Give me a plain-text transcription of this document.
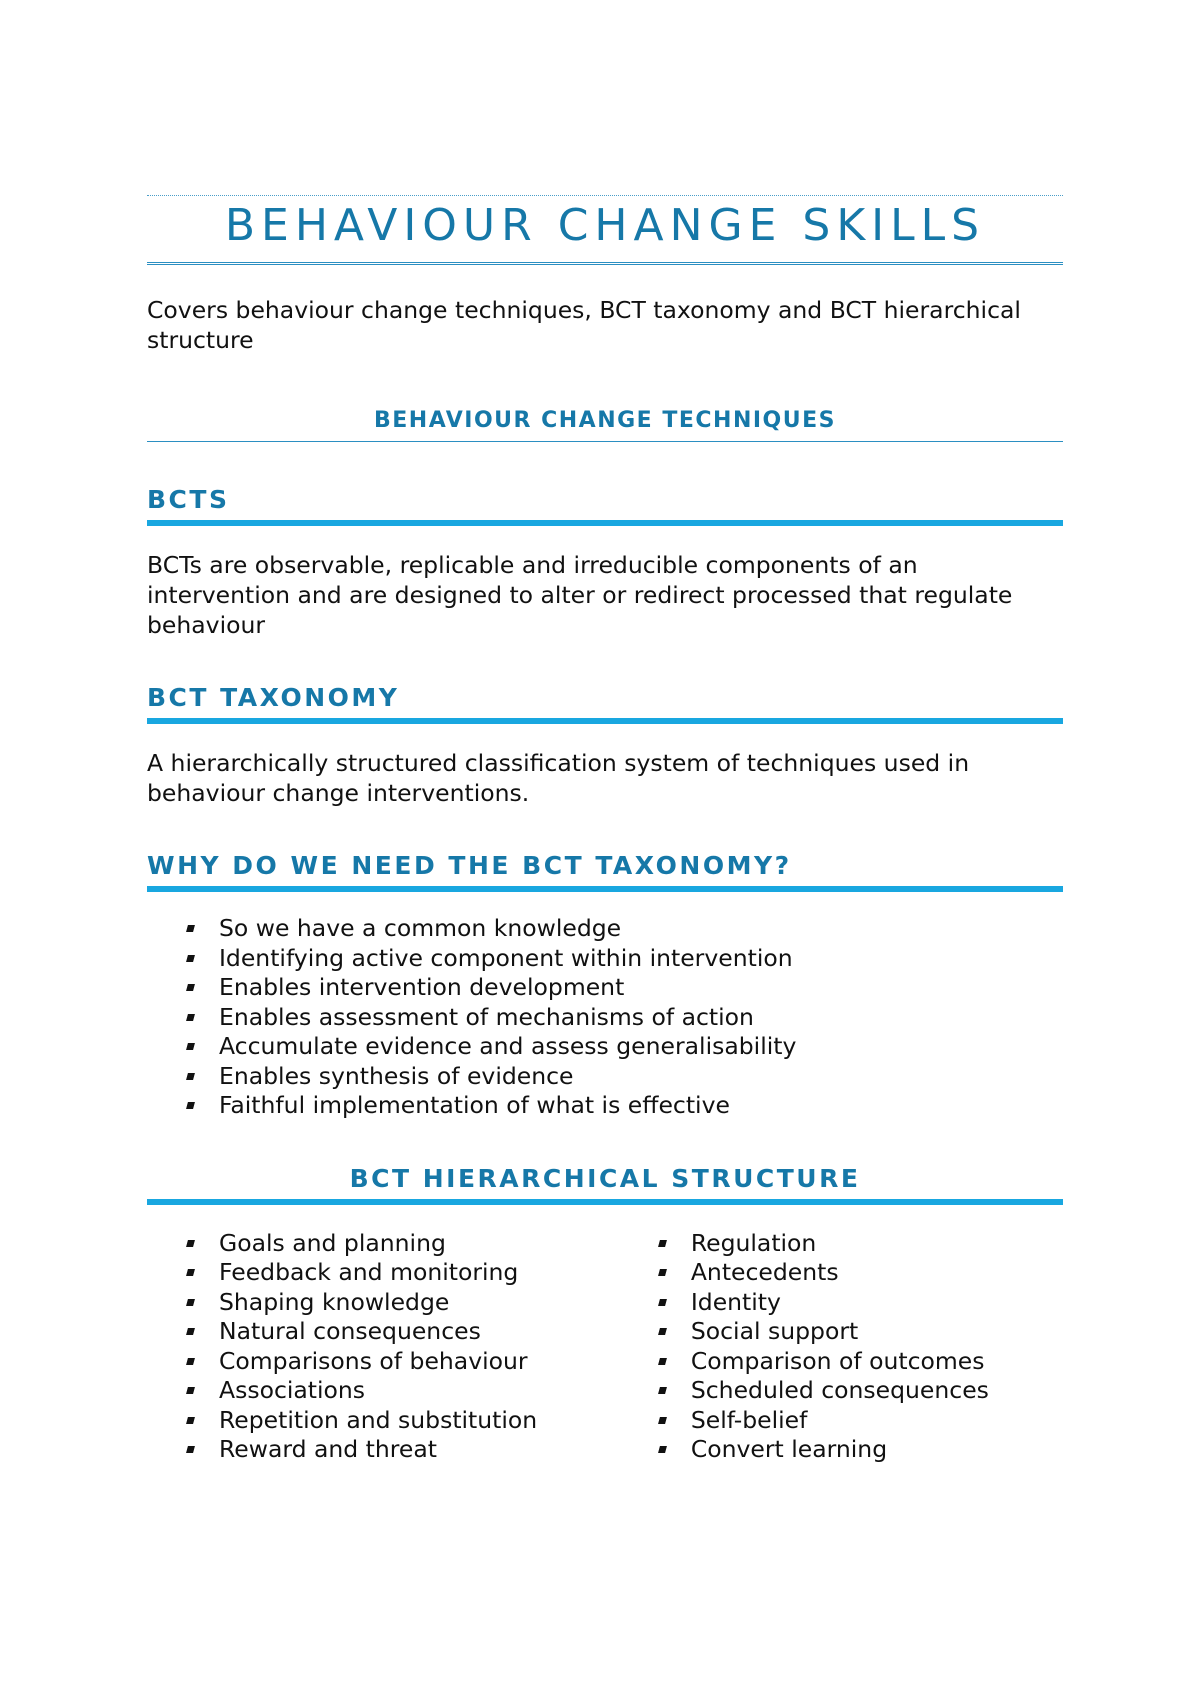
BEHAVIOUR CHANGE SKILLS

Covers behaviour change techniques, BCT taxonomy and BCT hierarchical structure

BEHAVIOUR CHANGE TECHNIQUES
BCTS

BCTs are observable, replicable and irreducible components of an intervention and are designed to alter or redirect processed that regulate behaviour

BCT TAXONOMY

A hierarchically structured classification system of techniques used in behaviour change interventions.

WHY DO WE NEED THE BCT TAXONOMY?
So we have a common knowledge
Identifying active component within intervention
Enables intervention development
Enables assessment of mechanisms of action
Accumulate evidence and assess generalisability
Enables synthesis of evidence
Faithful implementation of what is effective
BCT HIERARCHICAL STRUCTURE
Goals and planning
Feedback and monitoring
Shaping knowledge
Natural consequences
Comparisons of behaviour
Associations
Repetition and substitution
Reward and threat
Regulation
Antecedents
Identity
Social support
Comparison of outcomes
Scheduled consequences
Self-belief
Convert learning
